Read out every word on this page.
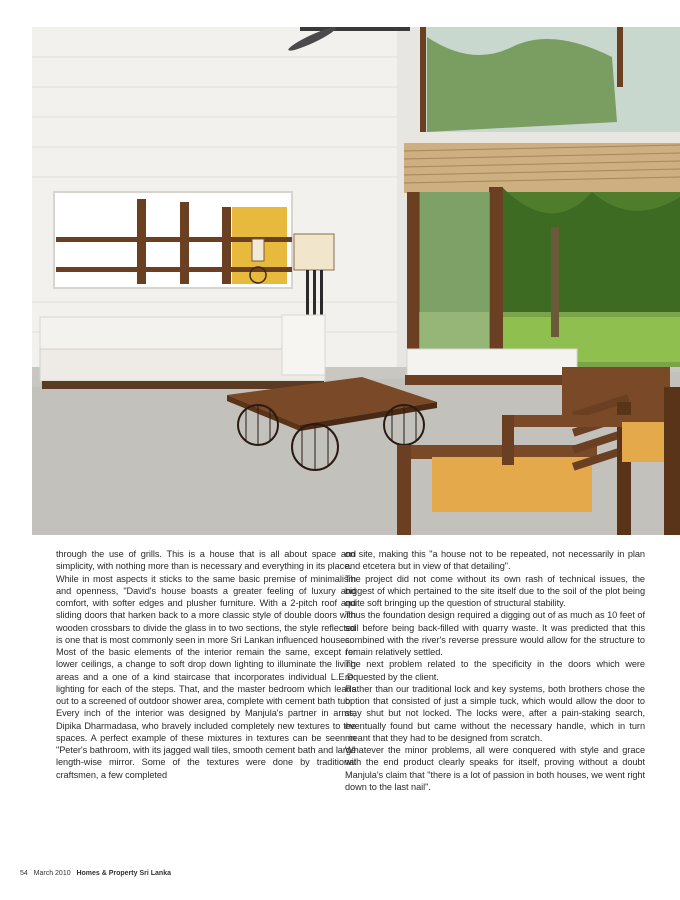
through the use of grills. This is a house that is all about space and simplicity, with nothing more than is necessary and everything in its place.

While in most aspects it sticks to the same basic premise of minimalism and openness, "David's house boasts a greater feeling of luxury and comfort, with softer edges and plusher furniture. With a 2-pitch roof and sliding doors that harken back to a more classic style of double doors with wooden crossbars to divide the glass in to two sections, the style reflected is one that is most commonly seen in more Sri Lankan influenced houses.

Most of the basic elements of the interior remain the same, except for lower ceilings, a change to soft drop down lighting to illuminate the living areas and a one of a kind staircase that incorporates individual L.E.D. lighting for each of the steps. That, and the master bedroom which leads out to a screened of outdoor shower area, complete with cement bath tub.

Every inch of the interior was designed by Manjula's partner in arms, Dipika Dharmadasa, who bravely included completely new textures to the spaces. A perfect example of these mixtures in textures can be seen in "Peter's bathroom, with its jagged wall tiles, smooth cement bath and large length-wise mirror. Some of the textures were done by traditional craftsmen, a few completed

on site, making this "a house not to be repeated, not necessarily in plan and etcetera but in view of that detailing".

The project did not come without its own rash of technical issues, the biggest of which pertained to the site itself due to the soil of the plot being quite soft bringing up the question of structural stability.

Thus the foundation design required a digging out of as much as 10 feet of soil before being back-filled with quarry waste. It was predicted that this combined with the river's reverse pressure would allow for the structure to remain relatively settled.

The next problem related to the specificity in the doors which were requested by the client.

Rather than our traditional lock and key systems, both brothers chose the option that consisted of just a simple tuck, which would allow the door to stay shut but not locked. The locks were, after a pain-staking search, eventually found but came without the necessary handle, which in turn meant that they had to be designed from scratch.

Whatever the minor problems, all were conquered with style and grace with the end product clearly speaks for itself, proving without a doubt Manjula's claim that "there is a lot of passion in both houses, we went right down to the last nail".

54 March 2010 Homes & Property Sri Lanka
